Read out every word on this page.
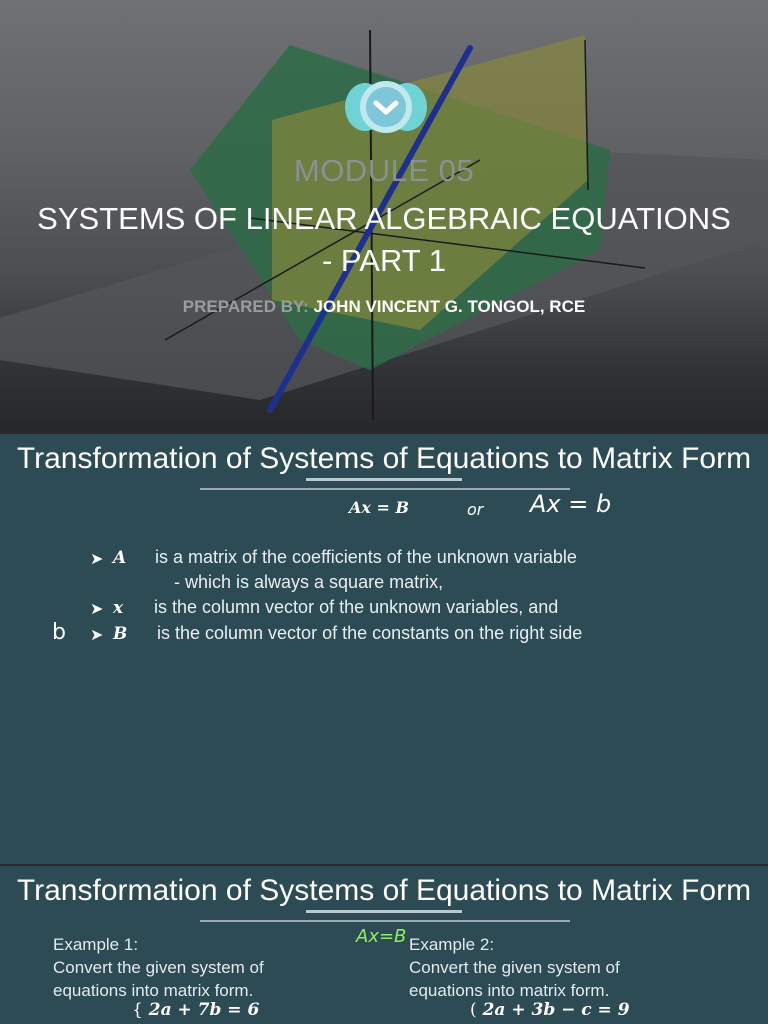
MODULE 05
SYSTEMS OF LINEAR ALGEBRAIC EQUATIONS
- PART 1
PREPARED BY: JOHN VINCENT G. TONGOL, RCE
Transformation of Systems of Equations to Matrix Form
Ax = B	or Ax = b
➤ A is a matrix of the coefficients of the unknown variable
- which is always a square matrix,
➤ x is the column vector of the unknown variables, and
b ➤ B is the column vector of the constants on the right side
Transformation of Systems of Equations to Matrix Form
Example 1:
Convert the given system of
equations into matrix form.
{ 2a + 7b = 6
Ax=B Example 2:
Convert the given system of
equations into matrix form.
( 2a + 3b − c = 9
